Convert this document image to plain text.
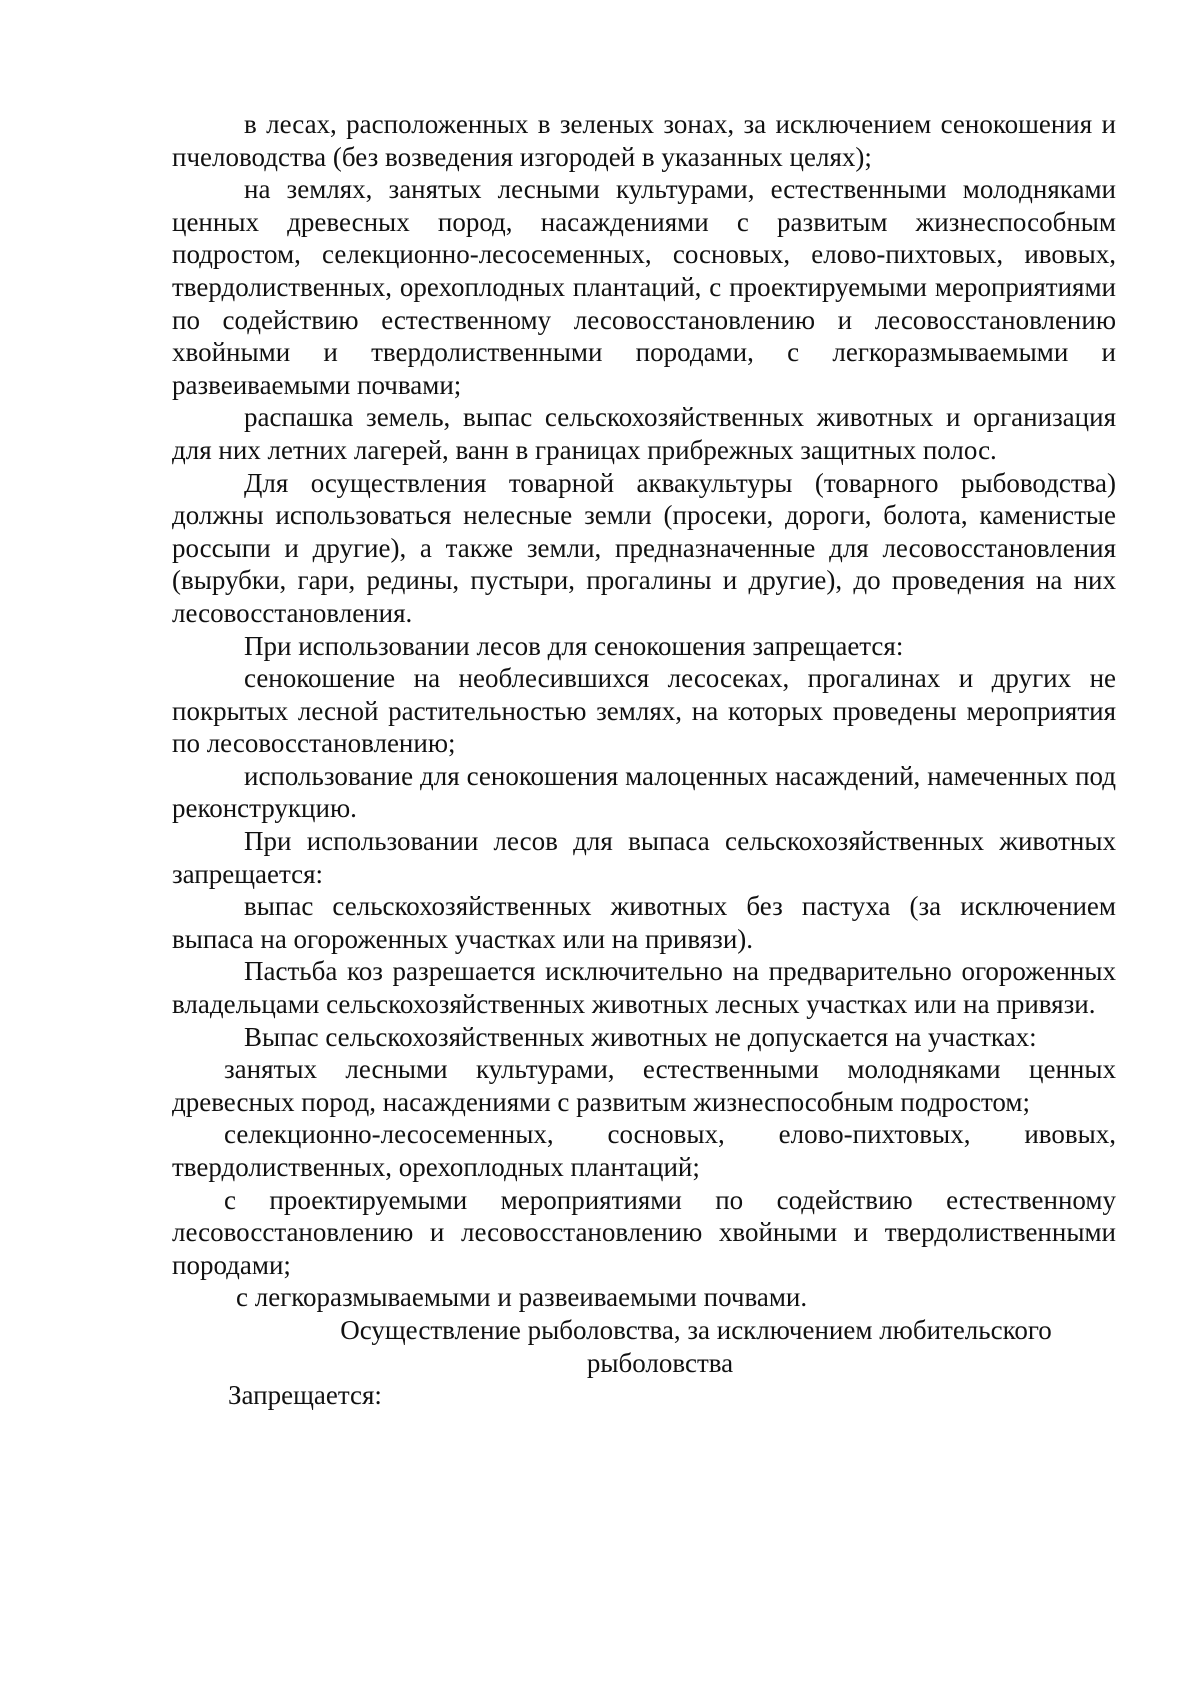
в лесах, расположенных в зеленых зонах, за исключением сенокошения и пчеловодства (без возведения изгородей в указанных целях);

на землях, занятых лесными культурами, естественными молодняками ценных древесных пород, насаждениями с развитым жизнеспособным подростом, селекционно-лесосеменных, сосновых, елово-пихтовых, ивовых, твердолиственных, орехоплодных плантаций, с проектируемыми мероприятиями по содействию естественному лесовосстановлению и лесовосстановлению хвойными и твердолиственными породами, с легкоразмываемыми и развеиваемыми почвами;

распашка земель, выпас сельскохозяйственных животных и организация для них летних лагерей, ванн в границах прибрежных защитных полос.

Для осуществления товарной аквакультуры (товарного рыбоводства) должны использоваться нелесные земли (просеки, дороги, болота, каменистые россыпи и другие), а также земли, предназначенные для лесовосстановления (вырубки, гари, редины, пустыри, прогалины и другие), до проведения на них лесовосстановления.

При использовании лесов для сенокошения запрещается:

сенокошение на необлесившихся лесосеках, прогалинах и других не покрытых лесной растительностью землях, на которых проведены мероприятия по лесовосстановлению;

использование для сенокошения малоценных насаждений, намеченных под реконструкцию.

При использовании лесов для выпаса сельскохозяйственных животных запрещается:

выпас сельскохозяйственных животных без пастуха (за исключением выпаса на огороженных участках или на привязи).

Пастьба коз разрешается исключительно на предварительно огороженных владельцами сельскохозяйственных животных лесных участках или на привязи.

Выпас сельскохозяйственных животных не допускается на участках:

занятых лесными культурами, естественными молодняками ценных древесных пород, насаждениями с развитым жизнеспособным подростом;

селекционно-лесосеменных, сосновых, елово-пихтовых, ивовых, твердолиственных, орехоплодных плантаций;

с проектируемыми мероприятиями по содействию естественному лесовосстановлению и лесовосстановлению хвойными и твердолиственными породами;

с легкоразмываемыми и развеиваемыми почвами.

Осуществление рыболовства, за исключением любительского рыболовства

Запрещается:
